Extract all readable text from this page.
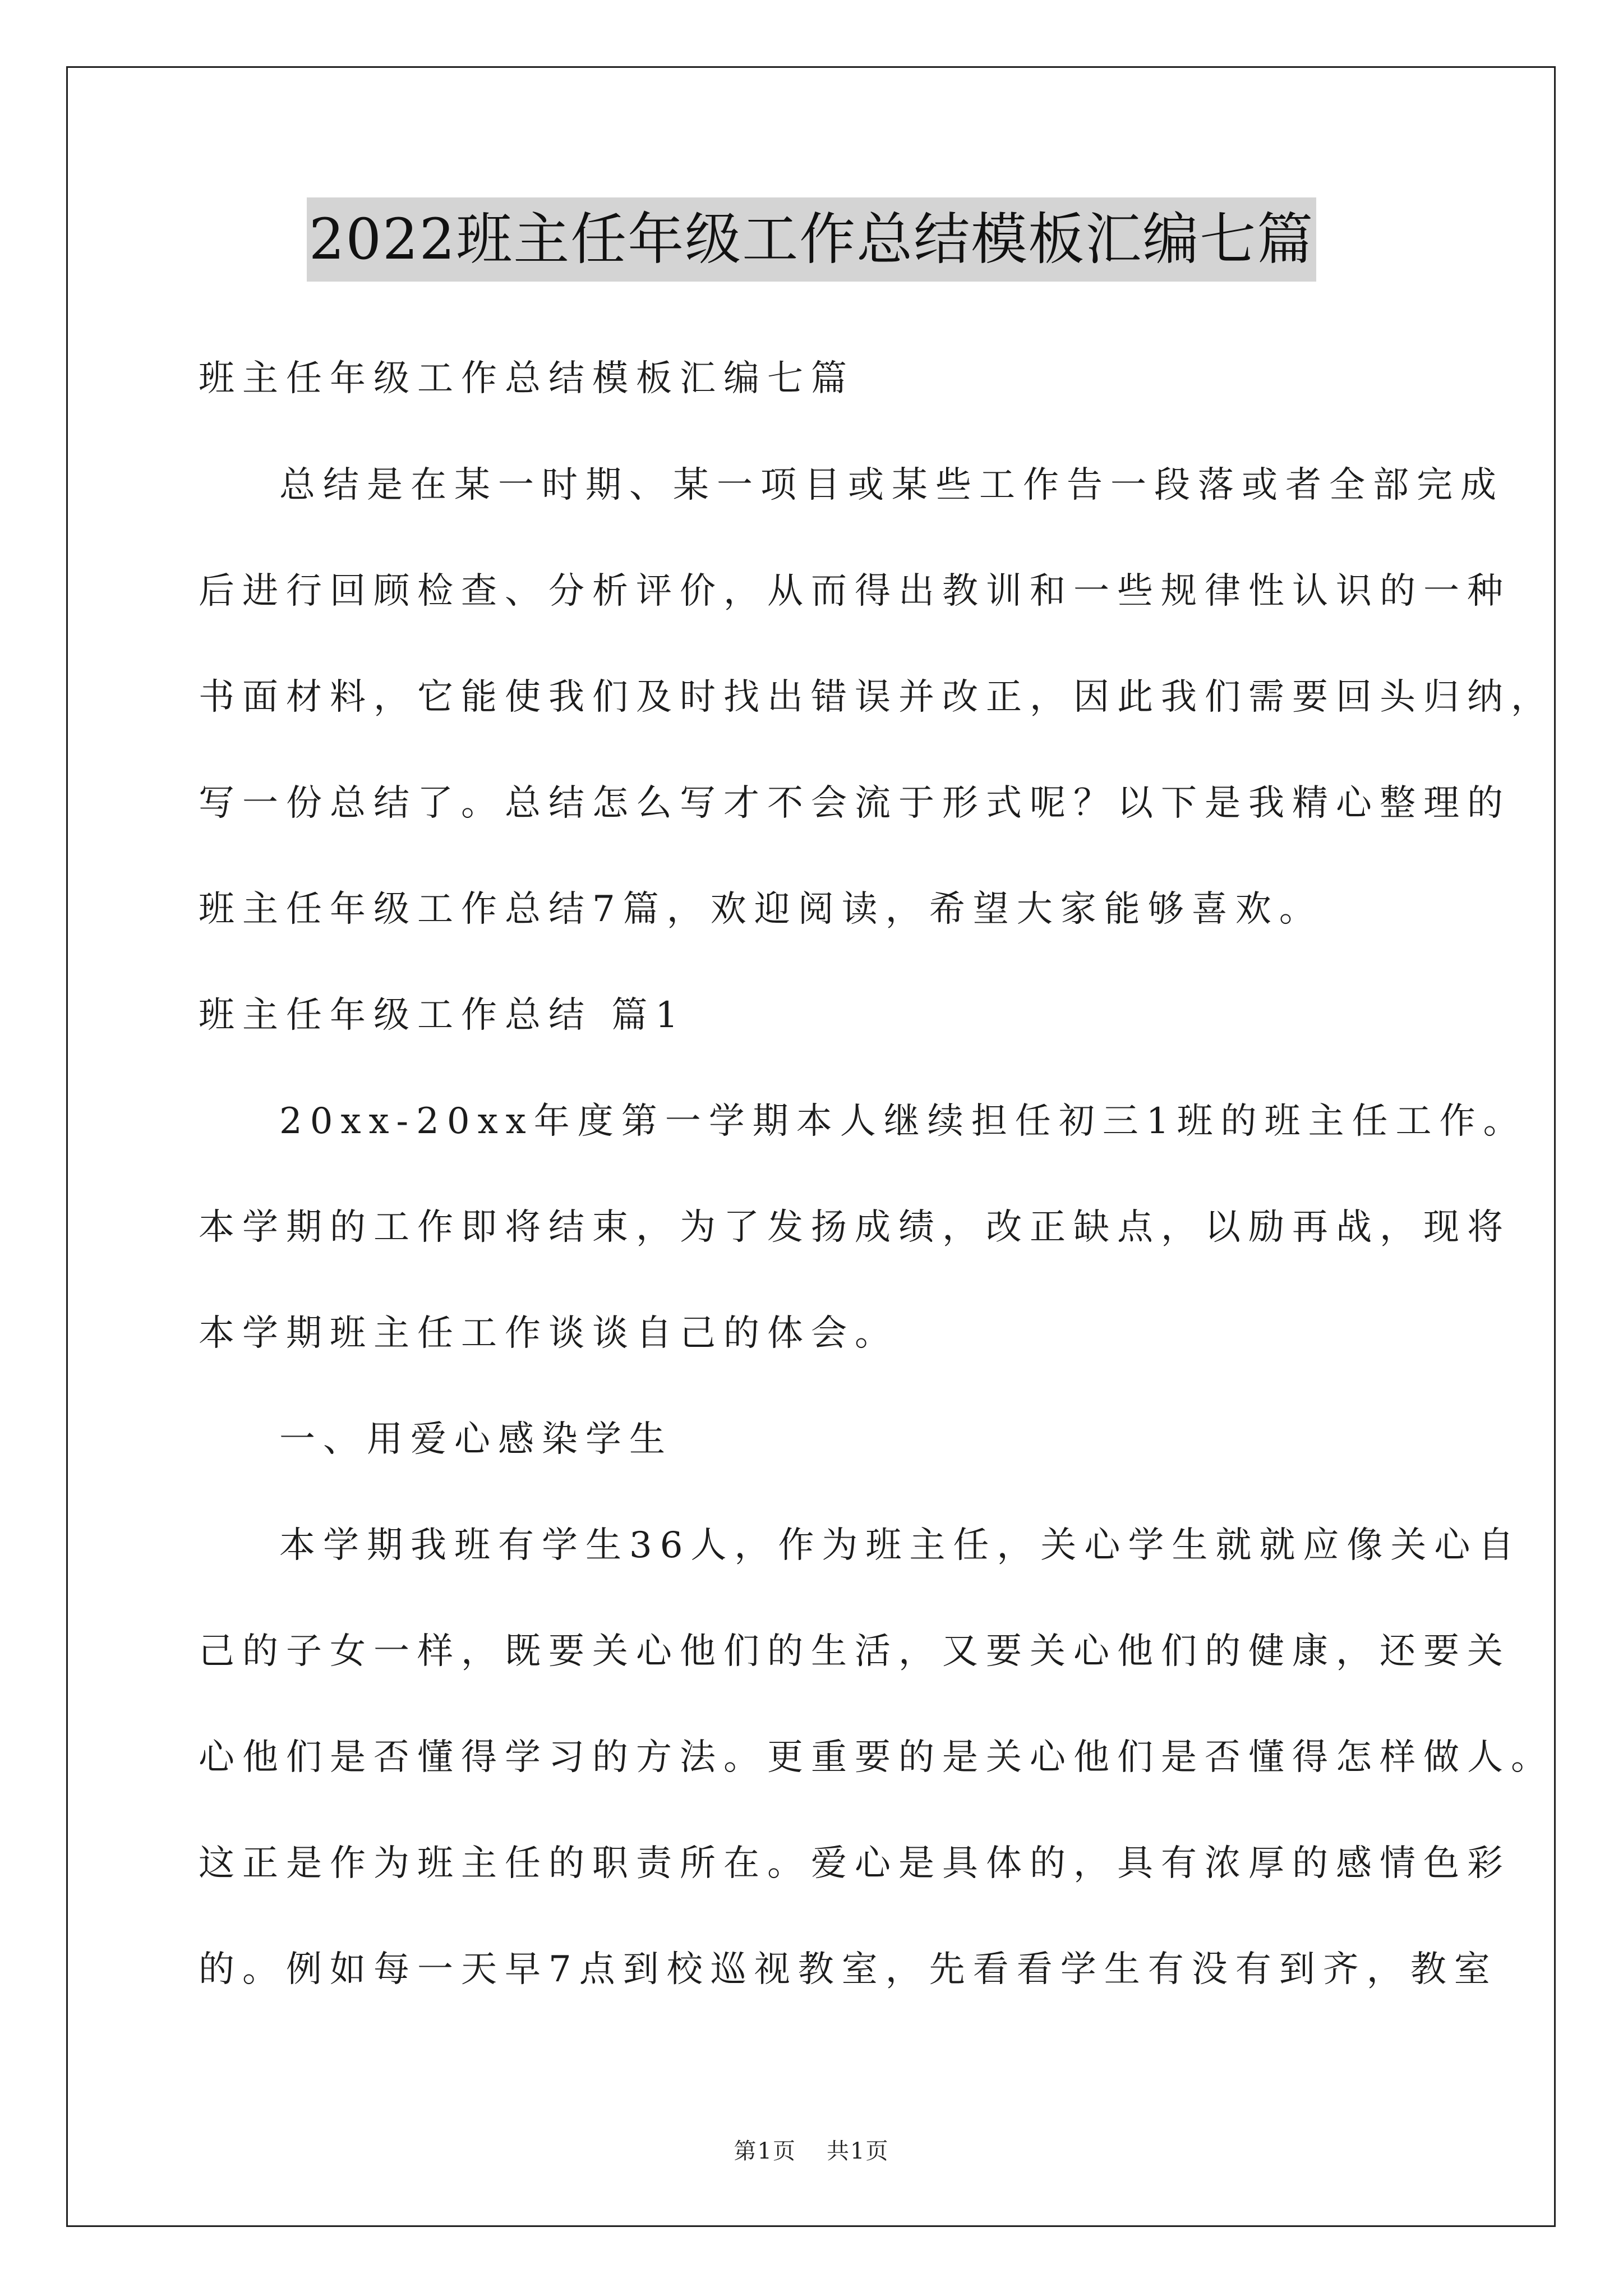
2022班主任年级工作总结模板汇编七篇
班主任年级工作总结模板汇编七篇
总结是在某一时期、某一项目或某些工作告一段落或者全部完成
后进行回顾检查、分析评价，从而得出教训和一些规律性认识的一种
书面材料，它能使我们及时找出错误并改正，因此我们需要回头归纳，
写一份总结了。总结怎么写才不会流于形式呢？以下是我精心整理的
班主任年级工作总结7篇，欢迎阅读，希望大家能够喜欢。
班主任年级工作总结 篇1
20xx-20xx年度第一学期本人继续担任初三1班的班主任工作。
本学期的工作即将结束，为了发扬成绩，改正缺点，以励再战，现将
本学期班主任工作谈谈自己的体会。
一、用爱心感染学生
本学期我班有学生36人，作为班主任，关心学生就就应像关心自
己的子女一样，既要关心他们的生活，又要关心他们的健康，还要关
心他们是否懂得学习的方法。更重要的是关心他们是否懂得怎样做人。
这正是作为班主任的职责所在。爱心是具体的，具有浓厚的感情色彩
的。例如每一天早7点到校巡视教室，先看看学生有没有到齐，教室
第1页 共1页
